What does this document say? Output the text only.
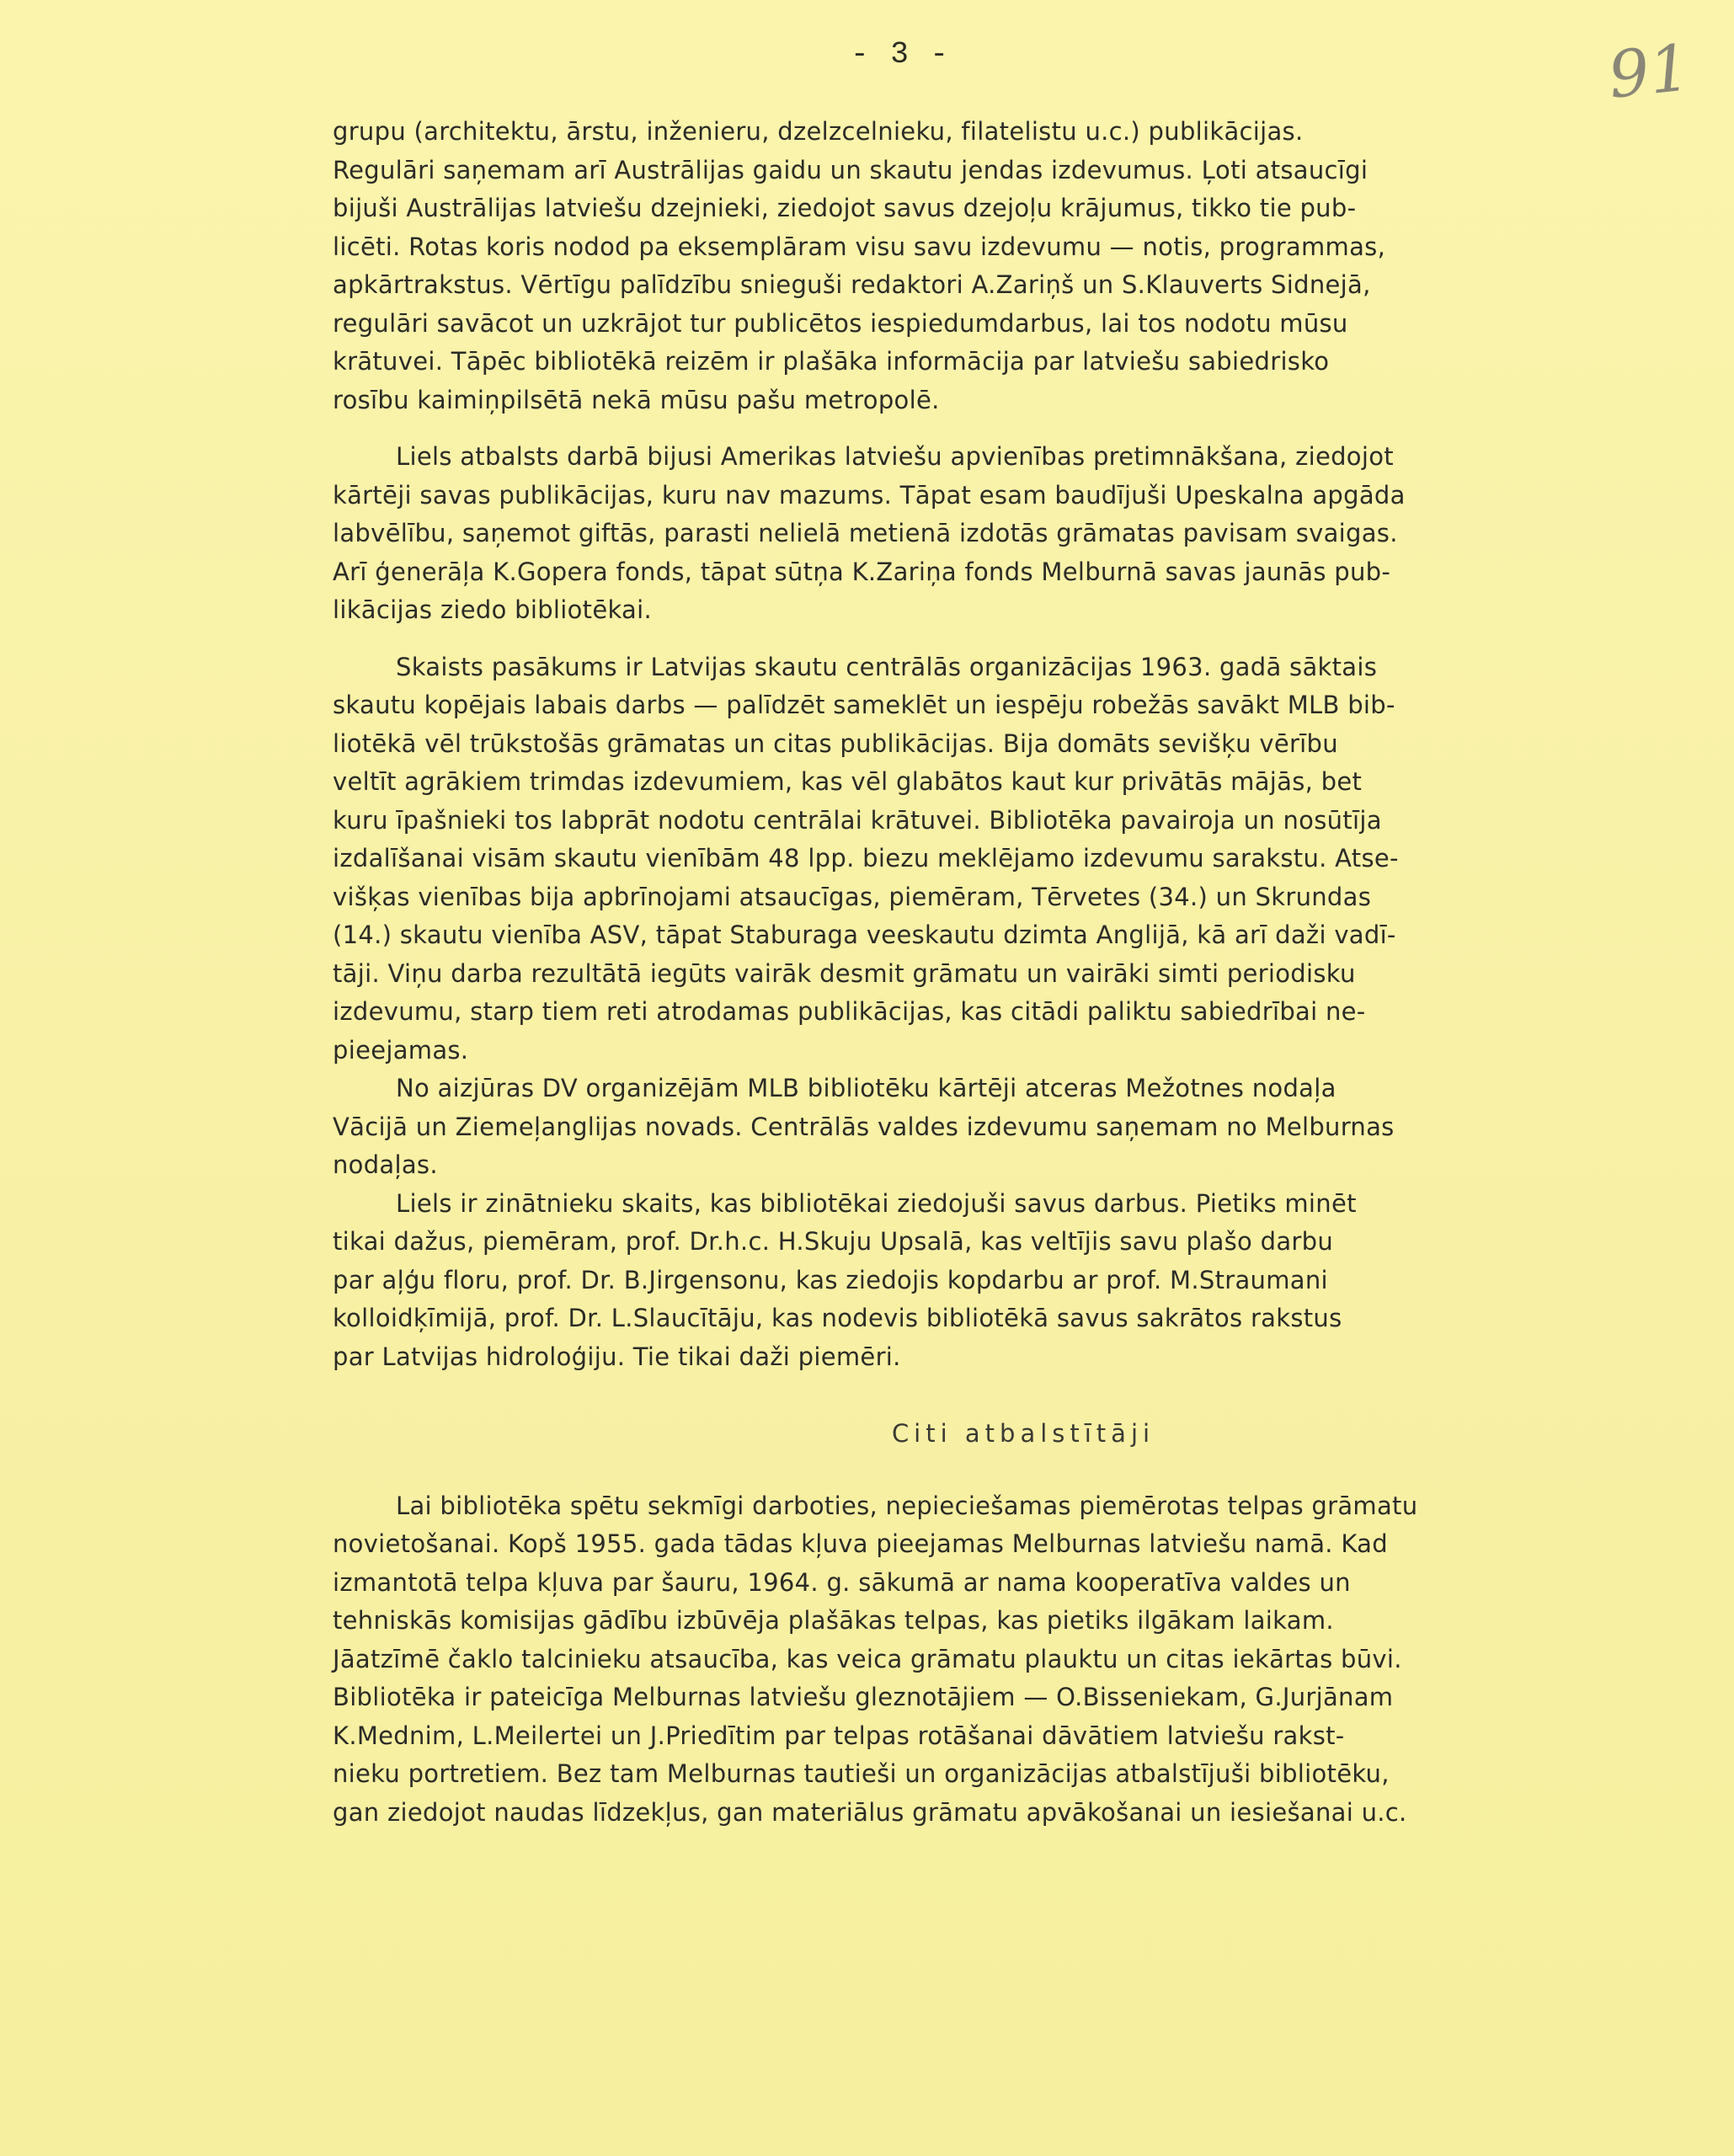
- 3 -	91

grupu (architektu, ārstu, inženieru, dzelzcelnieku, filatelistu u.c.) publikācijas.
Regulāri saņemam arī Austrālijas gaidu un skautu jendas izdevumus. Ļoti atsaucīgi
bijuši Austrālijas latviešu dzejnieki, ziedojot savus dzejoļu krājumus, tikko tie pub-
licēti. Rotas koris nodod pa eksemplāram visu savu izdevumu — notis, programmas,
apkārtrakstus. Vērtīgu palīdzību snieguši redaktori A.Zariņš un S.Klauverts Sidnejā,
regulāri savācot un uzkrājot tur publicētos iespiedumdarbus, lai tos nodotu mūsu
krātuvei. Tāpēc bibliotēkā reizēm ir plašāka informācija par latviešu sabiedrisko
rosību kaimiņpilsētā nekā mūsu pašu metropolē.

Liels atbalsts darbā bijusi Amerikas latviešu apvienības pretimnākšana, ziedojot
kārtēji savas publikācijas, kuru nav mazums. Tāpat esam baudījuši Upeskalna apgāda
labvēlību, saņemot giftās, parasti nelielā metienā izdotās grāmatas pavisam svaigas.
Arī ģenerāļa K.Gopera fonds, tāpat sūtņa K.Zariņa fonds Melburnā savas jaunās pub-
likācijas ziedo bibliotēkai.

Skaists pasākums ir Latvijas skautu centrālās organizācijas 1963. gadā sāktais
skautu kopējais labais darbs — palīdzēt sameklēt un iespēju robežās savākt MLB bib-
liotēkā vēl trūkstošās grāmatas un citas publikācijas. Bija domāts sevišķu vērību
veltīt agrākiem trimdas izdevumiem, kas vēl glabātos kaut kur privātās mājās, bet
kuru īpašnieki tos labprāt nodotu centrālai krātuvei. Bibliotēka pavairoja un nosūtīja
izdalīšanai visām skautu vienībām 48 lpp. biezu meklējamo izdevumu sarakstu. Atse-
višķas vienības bija apbrīnojami atsaucīgas, piemēram, Tērvetes (34.) un Skrundas
(14.) skautu vienība ASV, tāpat Staburaga veeskautu dzimta Anglijā, kā arī daži vadī-
tāji. Viņu darba rezultātā iegūts vairāk desmit grāmatu un vairāki simti periodisku
izdevumu, starp tiem reti atrodamas publikācijas, kas citādi paliktu sabiedrībai ne-
pieejamas.

No aizjūras DV organizējām MLB bibliotēku kārtēji atceras Mežotnes nodaļa
Vācijā un Ziemeļanglijas novads. Centrālās valdes izdevumu saņemam no Melburnas
nodaļas.

Liels ir zinātnieku skaits, kas bibliotēkai ziedojuši savus darbus. Pietiks minēt
tikai dažus, piemēram, prof. Dr.h.c. H.Skuju Upsalā, kas veltījis savu plašo darbu
par aļģu floru, prof. Dr. B.Jirgensonu, kas ziedojis kopdarbu ar prof. M.Straumani
kolloidķīmijā, prof. Dr. L.Slaucītāju, kas nodevis bibliotēkā savus sakrātos rakstus
par Latvijas hidroloģiju. Tie tikai daži piemēri.

Citi atbalstītāji

Lai bibliotēka spētu sekmīgi darboties, nepieciešamas piemērotas telpas grāmatu
novietošanai. Kopš 1955. gada tādas kļuva pieejamas Melburnas latviešu namā. Kad
izmantotā telpa kļuva par šauru, 1964. g. sākumā ar nama kooperatīva valdes un
tehniskās komisijas gādību izbūvēja plašākas telpas, kas pietiks ilgākam laikam.
Jāatzīmē čaklo talcinieku atsaucība, kas veica grāmatu plauktu un citas iekārtas būvi.
Bibliotēka ir pateicīga Melburnas latviešu gleznotājiem — O.Bisseniekam, G.Jurjānam
K.Mednim, L.Meilertei un J.Priedītim par telpas rotāšanai dāvātiem latviešu rakst-
nieku portretiem. Bez tam Melburnas tautieši un organizācijas atbalstījuši bibliotēku,
gan ziedojot naudas līdzekļus, gan materiālus grāmatu apvākošanai un iesiešanai u.c.
